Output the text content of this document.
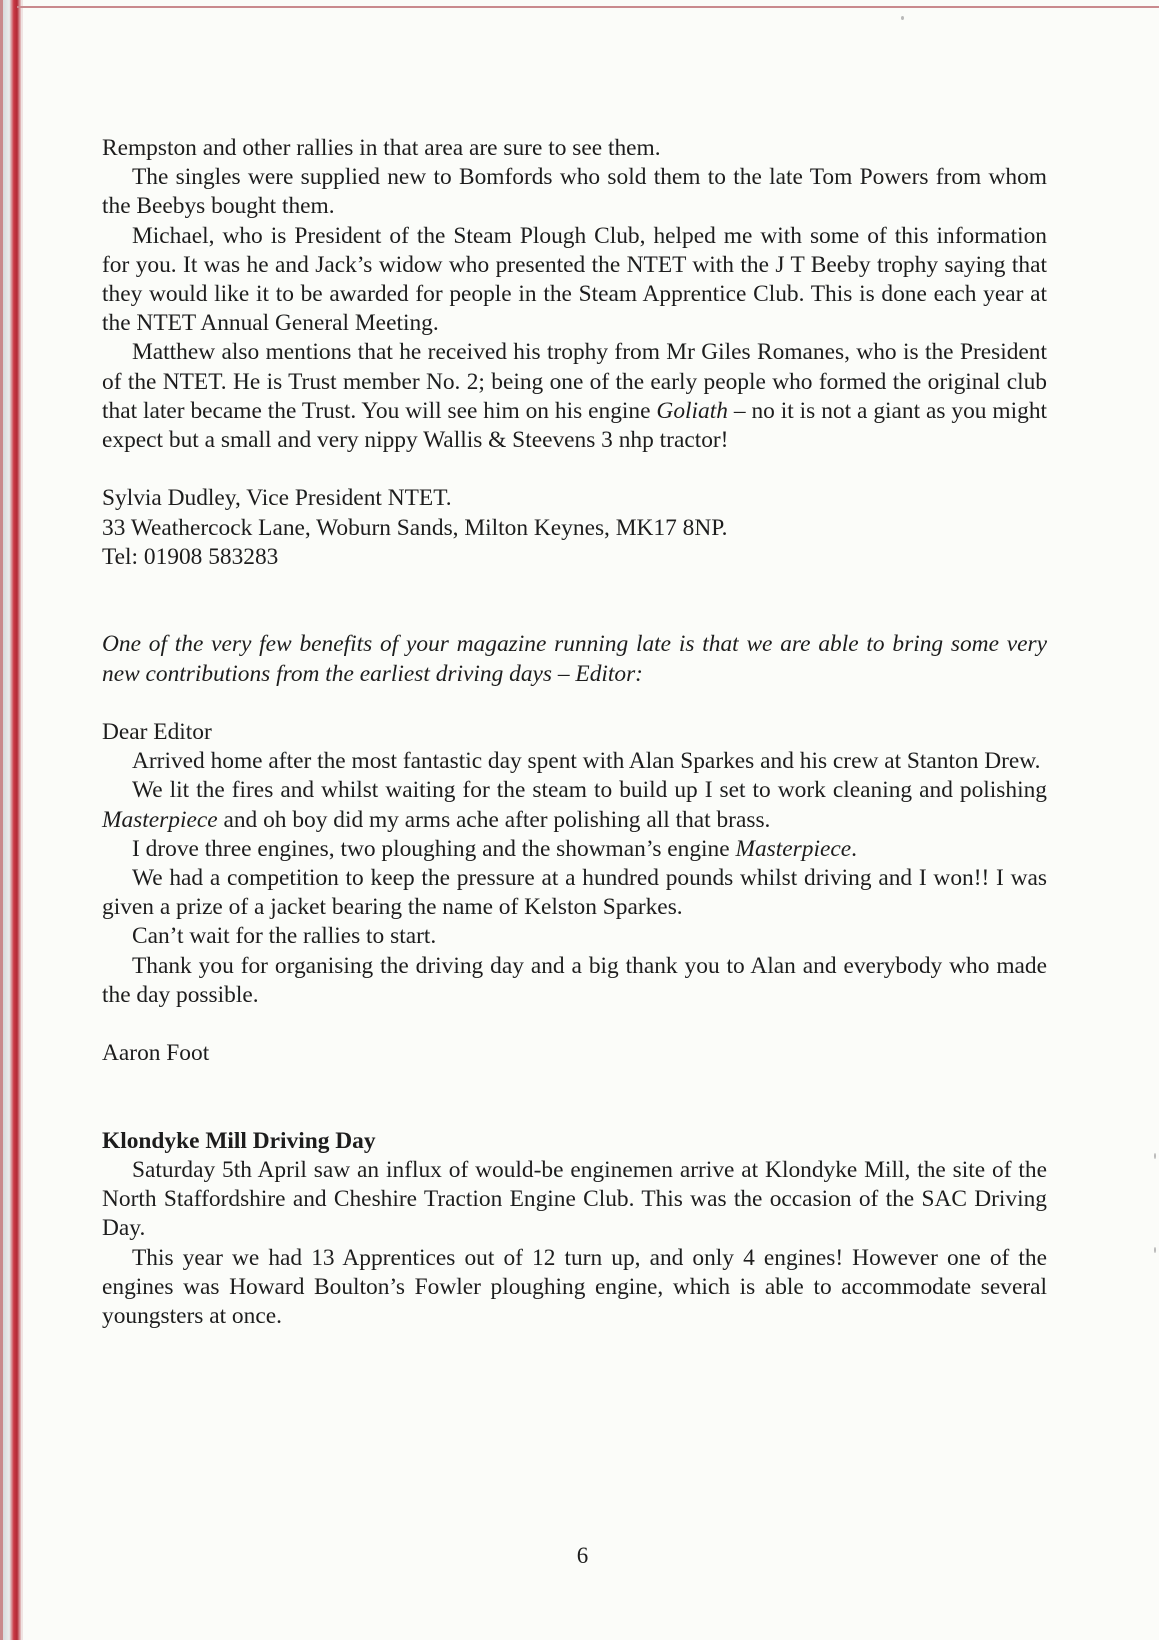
Rempston and other rallies in that area are sure to see them.

The singles were supplied new to Bomfords who sold them to the late Tom Powers from whom the Beebys bought them.

Michael, who is President of the Steam Plough Club, helped me with some of this information for you. It was he and Jack’s widow who presented the NTET with the J T Beeby trophy saying that they would like it to be awarded for people in the Steam Apprentice Club. This is done each year at the NTET Annual General Meeting.

Matthew also mentions that he received his trophy from Mr Giles Romanes, who is the President of the NTET. He is Trust member No. 2; being one of the early people who formed the original club that later became the Trust. You will see him on his engine Goliath – no it is not a giant as you might expect but a small and very nippy Wallis & Steevens 3 nhp tractor!

Sylvia Dudley, Vice President NTET.

33 Weathercock Lane, Woburn Sands, Milton Keynes, MK17 8NP.

Tel: 01908 583283

One of the very few benefits of your magazine running late is that we are able to bring some very new contributions from the earliest driving days – Editor:

Dear Editor

Arrived home after the most fantastic day spent with Alan Sparkes and his crew at Stanton Drew.

We lit the fires and whilst waiting for the steam to build up I set to work cleaning and polishing Masterpiece and oh boy did my arms ache after polishing all that brass.

I drove three engines, two ploughing and the showman’s engine Masterpiece.

We had a competition to keep the pressure at a hundred pounds whilst driving and I won!! I was given a prize of a jacket bearing the name of Kelston Sparkes.

Can’t wait for the rallies to start.

Thank you for organising the driving day and a big thank you to Alan and everybody who made the day possible.

Aaron Foot

Klondyke Mill Driving Day

Saturday 5th April saw an influx of would-be enginemen arrive at Klondyke Mill, the site of the North Staffordshire and Cheshire Traction Engine Club. This was the occasion of the SAC Driving Day.

This year we had 13 Apprentices out of 12 turn up, and only 4 engines! However one of the engines was Howard Boulton’s Fowler ploughing engine, which is able to accommodate several youngsters at once.

6
